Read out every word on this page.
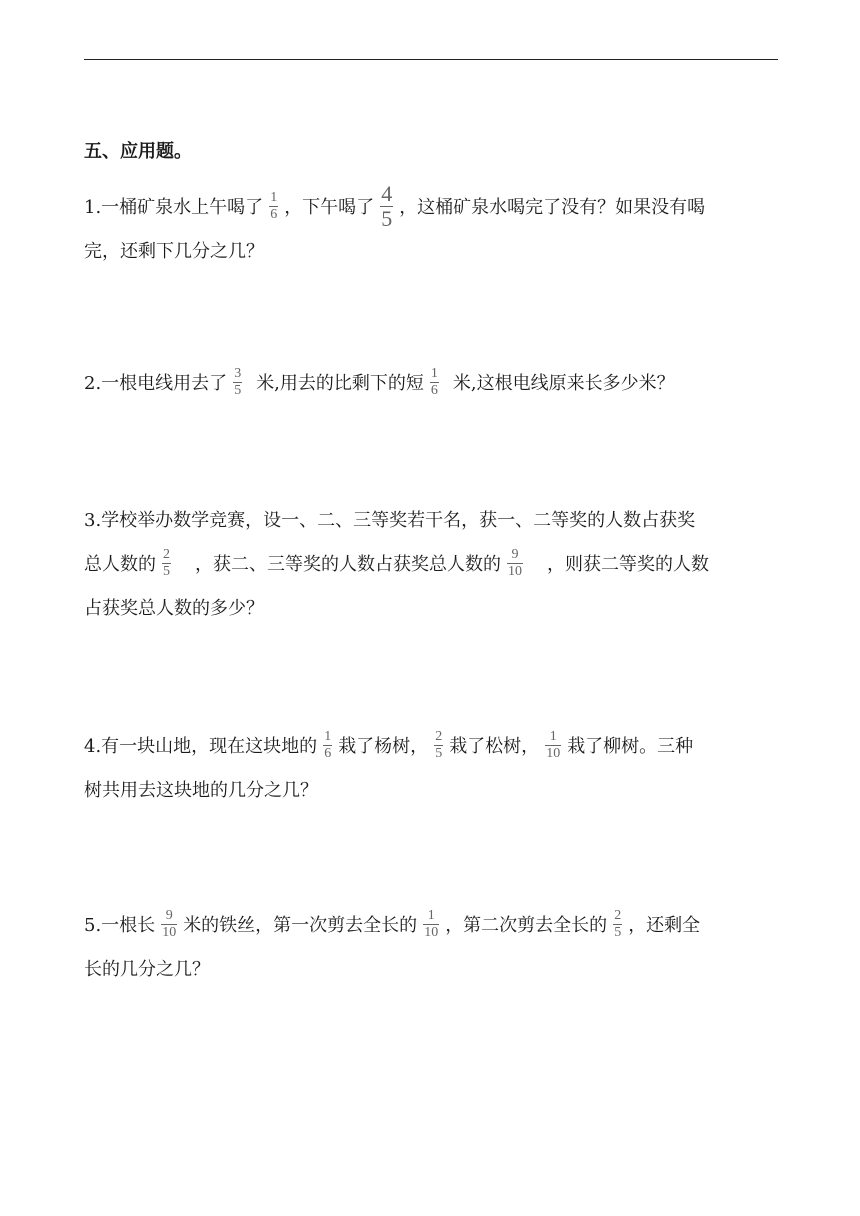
五、应用题。
1.一桶矿泉水上午喝了 $\frac{1}{6}$ ，下午喝了 $\frac{4}{5}$ ，这桶矿泉水喝完了没有？如果没有喝
完，还剩下几分之几？
2.一根电线用去了 $\frac{3}{5}$ 米,用去的比剩下的短 $\frac{1}{6}$ 米,这根电线原来长多少米？
3.学校举办数学竞赛，设一、二、三等奖若干名，获一、二等奖的人数占获奖
总人数的 $\frac{2}{5}$ ，获二、三等奖的人数占获奖总人数的 $\frac{9}{10}$ ，则获二等奖的人数
占获奖总人数的多少？
4.有一块山地，现在这块地的 $\frac{1}{6}$ 栽了杨树， $\frac{2}{5}$ 栽了松树， $\frac{1}{10}$ 栽了柳树。三种
树共用去这块地的几分之几？
5.一根长 $\frac{9}{10}$ 米的铁丝，第一次剪去全长的 $\frac{1}{10}$ ，第二次剪去全长的 $\frac{2}{5}$ ，还剩全
长的几分之几？
